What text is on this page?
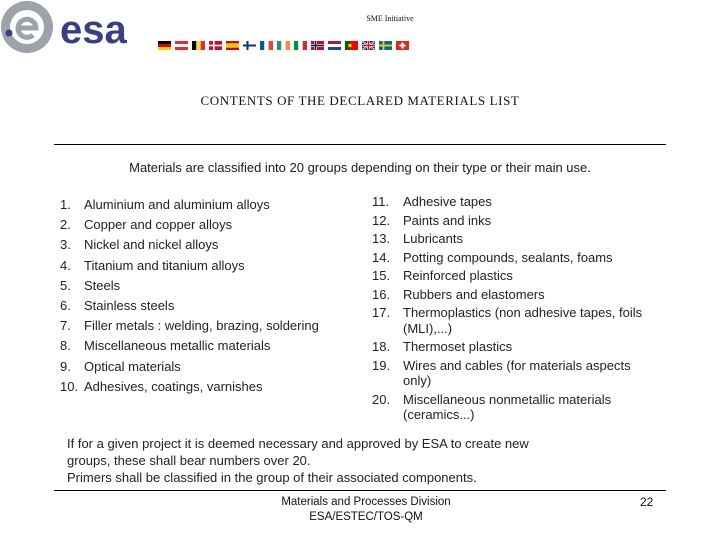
esa	SME Initiative
CONTENTS OF THE DECLARED MATERIALS LIST
Materials are classified into 20 groups depending on their type or their main use.
1.	Aluminium and aluminium alloys
2.	Copper and copper alloys
3.	Nickel and nickel alloys
4.	Titanium and titanium alloys
5.	Steels
6.	Stainless steels
7.	Filler metals : welding, brazing, soldering
8.	Miscellaneous metallic materials
9.	Optical materials
10. Adhesives, coatings, varnishes
11.	Adhesive tapes
12. Paints and inks
13. Lubricants
14. Potting compounds, sealants, foams
15. Reinforced plastics
16. Rubbers and elastomers
17. Thermoplastics (non adhesive tapes, foils (MLI),...)
18. Thermoset plastics
19. Wires and cables (for materials aspects only)
20. Miscellaneous nonmetallic materials (ceramics...)

If for a given project it is deemed necessary and approved by ESA to create new

groups, these shall bear numbers over 20.

Primers shall be classified in the group of their associated components.

Materials and Processes Division

ESA/ESTEC/TOS-QM

22
